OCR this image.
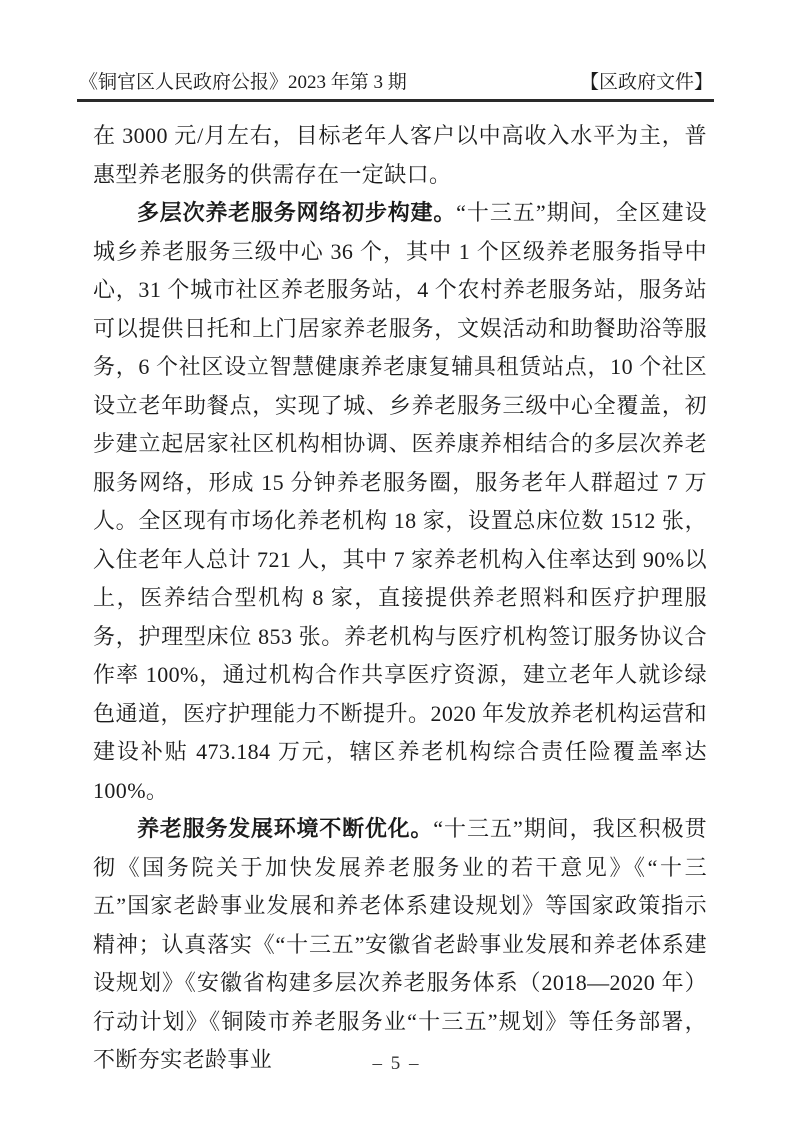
《铜官区人民政府公报》2023 年第 3 期	【区政府文件】

在 3000 元/月左右，目标老年人客户以中高收入水平为主，普惠型养老服务的供需存在一定缺口。

多层次养老服务网络初步构建。“十三五”期间，全区建设城乡养老服务三级中心 36 个，其中 1 个区级养老服务指导中心，31 个城市社区养老服务站，4 个农村养老服务站，服务站可以提供日托和上门居家养老服务，文娱活动和助餐助浴等服务，6 个社区设立智慧健康养老康复辅具租赁站点，10 个社区设立老年助餐点，实现了城、乡养老服务三级中心全覆盖，初步建立起居家社区机构相协调、医养康养相结合的多层次养老服务网络，形成 15 分钟养老服务圈，服务老年人群超过 7 万人。全区现有市场化养老机构 18 家，设置总床位数 1512 张，入住老年人总计 721 人，其中 7 家养老机构入住率达到 90%以上，医养结合型机构 8 家，直接提供养老照料和医疗护理服务，护理型床位 853 张。养老机构与医疗机构签订服务协议合作率 100%，通过机构合作共享医疗资源，建立老年人就诊绿色通道，医疗护理能力不断提升。2020 年发放养老机构运营和建设补贴 473.184 万元，辖区养老机构综合责任险覆盖率达 100%。

养老服务发展环境不断优化。“十三五”期间，我区积极贯彻《国务院关于加快发展养老服务业的若干意见》《“十三五”国家老龄事业发展和养老体系建设规划》等国家政策指示精神；认真落实《“十三五”安徽省老龄事业发展和养老体系建设规划》《安徽省构建多层次养老服务体系（2018—2020 年）行动计划》《铜陵市养老服务业“十三五”规划》等任务部署，不断夯实老龄事业	– 5 –
